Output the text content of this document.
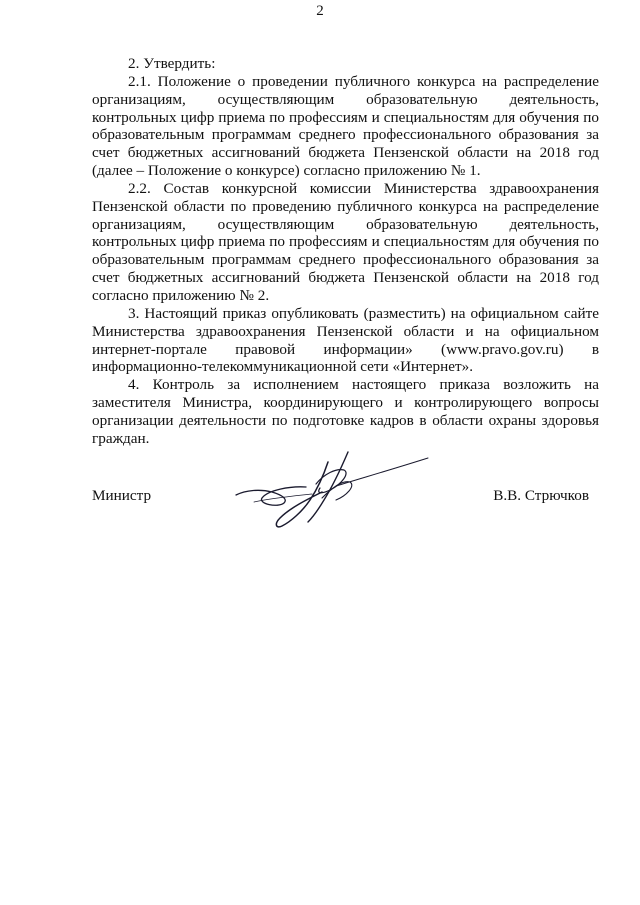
2

2. Утвердить:

2.1. Положение о проведении публичного конкурса на распределение организациям, осуществляющим образовательную деятельность, контрольных цифр приема по профессиям и специальностям для обучения по образовательным программам среднего профессионального образования за счет бюджетных ассигнований бюджета Пензенской области на 2018 год (далее – Положение о конкурсе) согласно приложению № 1.

2.2. Состав конкурсной комиссии Министерства здравоохранения Пензенской области по проведению публичного конкурса на распределение организациям, осуществляющим образовательную деятельность, контрольных цифр приема по профессиям и специальностям для обучения по образовательным программам среднего профессионального образования за счет бюджетных ассигнований бюджета Пензенской области на 2018 год согласно приложению № 2.

3. Настоящий приказ опубликовать (разместить) на официальном сайте Министерства здравоохранения Пензенской области и на официальном интернет-портале правовой информации» (www.pravo.gov.ru) в информационно-телекоммуникационной сети «Интернет».

4. Контроль за исполнением настоящего приказа возложить на заместителя Министра, координирующего и контролирующего вопросы организации деятельности по подготовке кадров в области охраны здоровья граждан.

Министр	В.В. Стрючков
